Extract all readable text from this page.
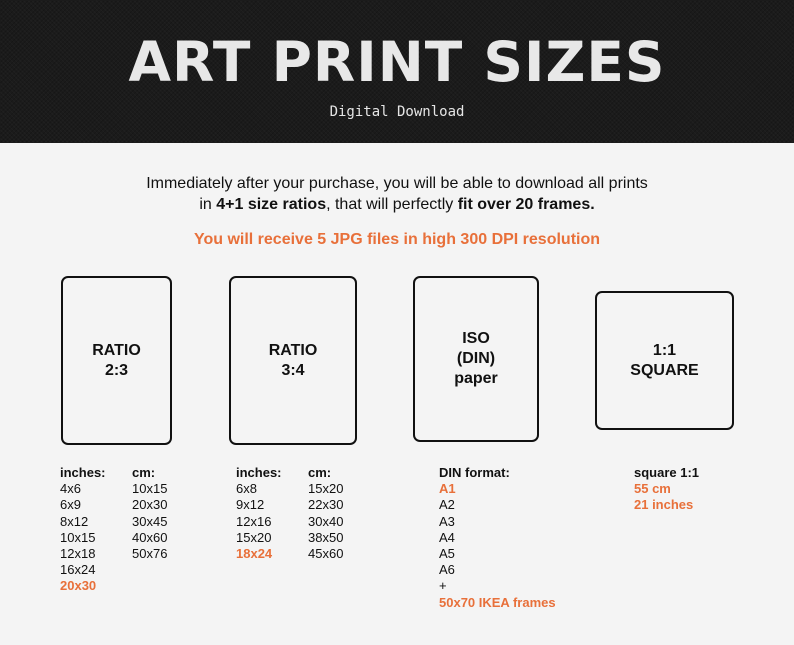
ART PRINT SIZES
Digital Download
Immediately after your purchase, you will be able to download all prints
in 4+1 size ratios, that will perfectly fit over 20 frames.
You will receive 5 JPG files in high 300 DPI resolution
RATIO
2:3
RATIO
3:4
ISO
(DIN)
paper
1:1
SQUARE
inches:
4x6
6x9
8x12
10x15
12x18
16x24
20x30
cm:
10x15
20x30
30x45
40x60
50x76
inches:
6x8
9x12
12x16
15x20
18x24
cm:
15x20
22x30
30x40
38x50
45x60
DIN format:
A1
A2
A3
A4
A5
A6
+
50x70 IKEA frames
square 1:1
55 cm
21 inches
